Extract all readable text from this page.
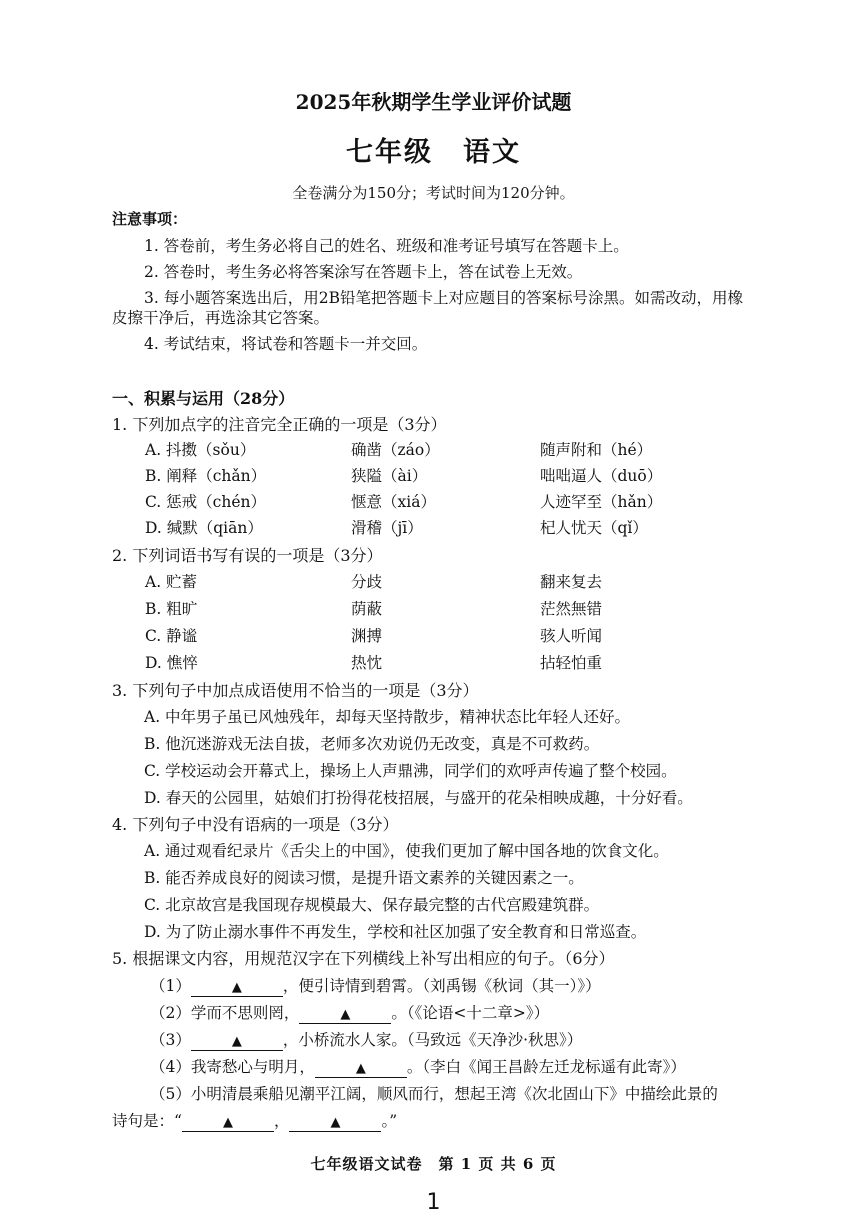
2025年秋期学生学业评价试题
七年级 语文
全卷满分为150分；考试时间为120分钟。
注意事项：
1. 答卷前，考生务必将自己的姓名、班级和准考证号填写在答题卡上。
2. 答卷时，考生务必将答案涂写在答题卡上，答在试卷上无效。
3. 每小题答案选出后，用2B铅笔把答题卡上对应题目的答案标号涂黑。如需改动，用橡
皮擦干净后，再选涂其它答案。
4. 考试结束，将试卷和答题卡一并交回。
一、积累与运用（28分）
1. 下列加点字的注音完全正确的一项是（3分）
A. 抖擞（sǒu）	确凿（záo）	随声附和（hé）
B. 阐释（chǎn）	狭隘（ài）	咄咄逼人（duō）
C. 惩戒（chén）	惬意（xiá）	人迹罕至（hǎn）
D. 缄默（qiān）	滑稽（jī）	杞人忧天（qǐ）
2. 下列词语书写有误的一项是（3分）
A. 贮蓄	分歧	翻来复去
B. 粗旷	荫蔽	茫然無错
C. 静谧	渊搏	骇人听闻
D. 憔悴	热忱	拈轻怕重
3. 下列句子中加点成语使用不恰当的一项是（3分）
A. 中年男子虽已风烛残年，却每天坚持散步，精神状态比年轻人还好。
B. 他沉迷游戏无法自拔，老师多次劝说仍无改变，真是不可救药。
C. 学校运动会开幕式上，操场上人声鼎沸，同学们的欢呼声传遍了整个校园。
D. 春天的公园里，姑娘们打扮得花枝招展，与盛开的花朵相映成趣，十分好看。
4. 下列句子中没有语病的一项是（3分）
A. 通过观看纪录片《舌尖上的中国》，使我们更加了解中国各地的饮食文化。
B. 能否养成良好的阅读习惯，是提升语文素养的关键因素之一。
C. 北京故宫是我国现存规模最大、保存最完整的古代宫殿建筑群。
D. 为了防止溺水事件不再发生，学校和社区加强了安全教育和日常巡查。
5. 根据课文内容，用规范汉字在下列横线上补写出相应的句子。（6分）
（1）	▲	，便引诗情到碧霄。（刘禹锡《秋词（其一）》）
（2）学而不思则罔，	▲	。（《论语<十二章>》）
（3）	▲	，小桥流水人家。（马致远《天净沙·秋思》）
（4）我寄愁心与明月，	▲	。（李白《闻王昌龄左迁龙标遥有此寄》）
（5）小明清晨乘船见潮平江阔，顺风而行，想起王湾《次北固山下》中描绘此景的
诗句是：“	▲	，	▲	。”
七年级语文试卷　第 1 页 共 6 页
1
